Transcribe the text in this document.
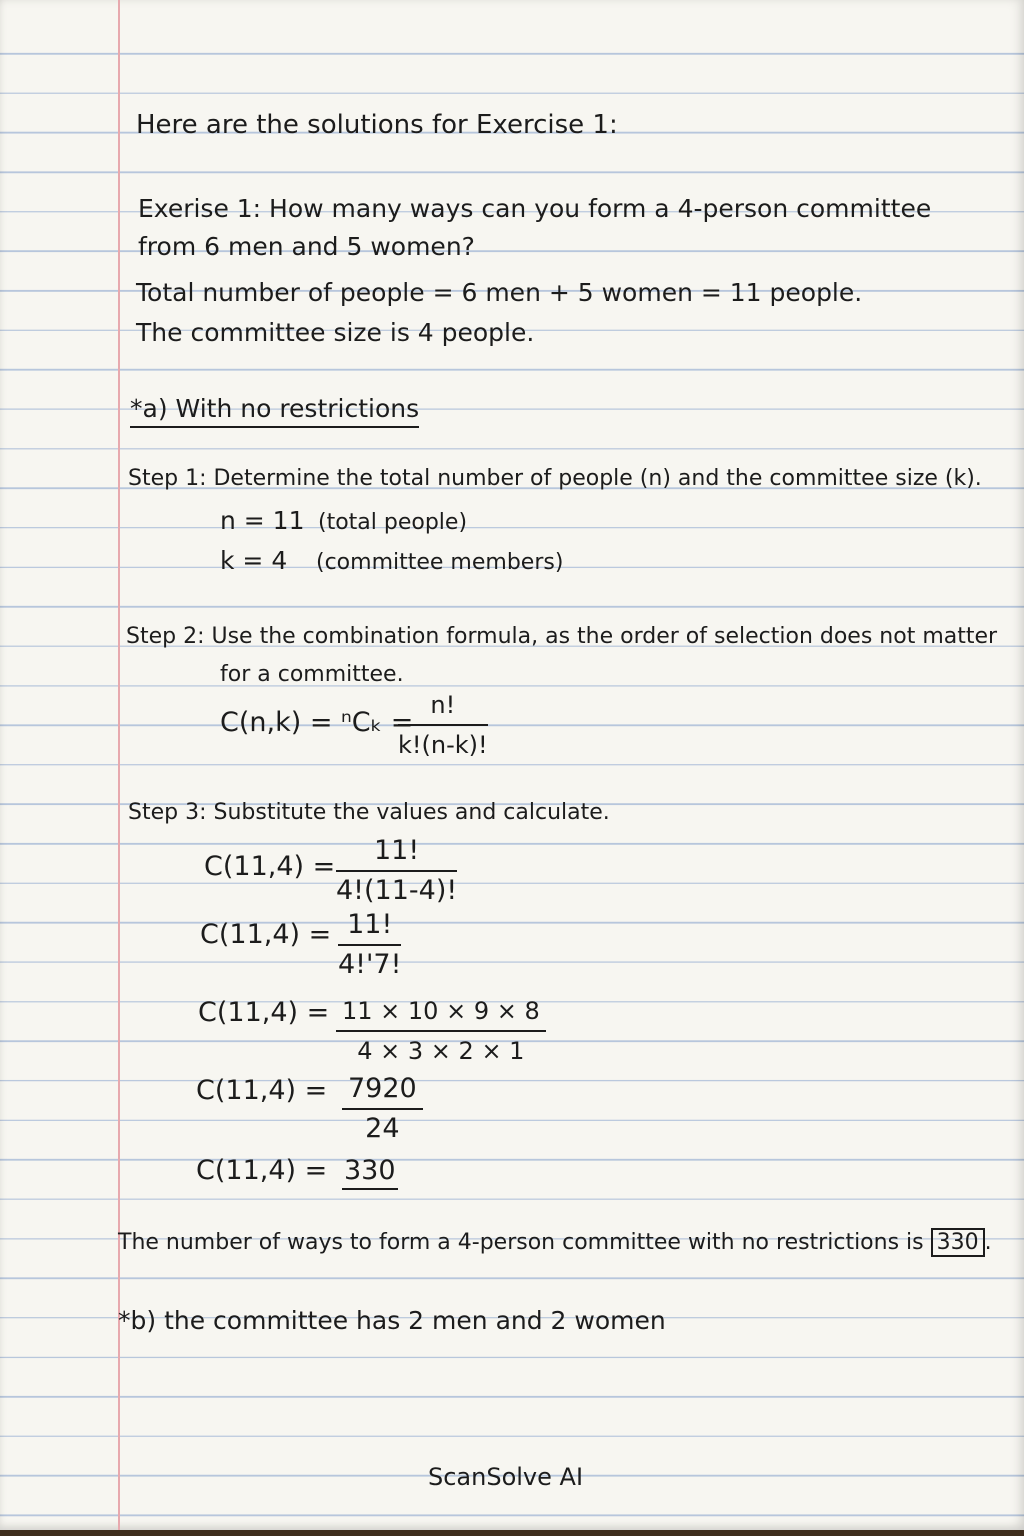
Here are the solutions for Exercise 1:
Exerise 1: How many ways can you form a 4-person committee
from 6 men and 5 women?
Total number of people = 6 men + 5 women = 11 people.
The committee size is 4 people.
*a) With no restrictions
Step 1: Determine the total number of people (n) and the committee size (k).
n = 11 (total people)
k = 4 (committee members)
Step 2: Use the combination formula, as the order of selection does not matter
for a committee.
C(n,k) = ⁿCₖ =
$\frac{n!}{k!(n-k)!}$
Step 3: Substitute the values and calculate.
$C(11,4) = \frac{11!}{4!(11-4)!}$
$C(11,4) = \frac{11!}{4!'7!}$
$C(11,4) = \frac{11 \times 10 \times 9 \times 8}{4 \times 3 \times 2 \times 1}$
$C(11,4) = \frac{7920}{24}$
C(11,4) = 330
The number of ways to form a 4-person committee with no restrictions is 330 .
*b) the committee has 2 men and 2 women
ScanSolve AI
